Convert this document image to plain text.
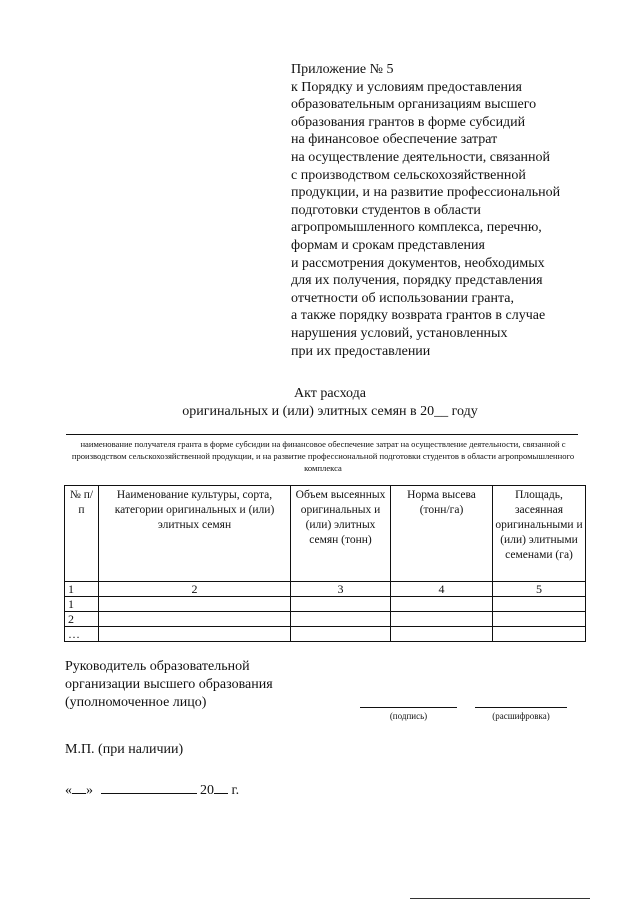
Приложение № 5
к Порядку и условиям предоставления
образовательным организациям высшего
образования грантов в форме субсидий
на финансовое обеспечение затрат
на осуществление деятельности, связанной
с производством сельскохозяйственной
продукции, и на развитие профессиональной
подготовки студентов в области
агропромышленного комплекса, перечню,
формам и срокам представления
и рассмотрения документов, необходимых
для их получения, порядку представления
отчетности об использовании гранта,
а также порядку возврата грантов в случае
нарушения условий, установленных
при их предоставлении
Акт расхода
оригинальных и (или) элитных семян в 20__ году
наименование получателя гранта в форме субсидии на финансовое обеспечение затрат на осуществление деятельности, связанной с производством сельскохозяйственной продукции, и на развитие профессиональной подготовки студентов в области агропромышленного комплекса
№ п/п	Наименование культуры, сорта, категории оригинальных и (или) элитных семян	Объем высеянных оригинальных и (или) элитных семян (тонн)	Норма высева (тонн/га)	Площадь, засеянная оригинальными и (или) элитными семенами (га)
1	2	3	4	5
1				
2				
…				
Руководитель образовательной
организации высшего образования
(уполномоченное лицо)
(подпись)	(расшифровка)
М.П. (при наличии)
« »	20 г.
